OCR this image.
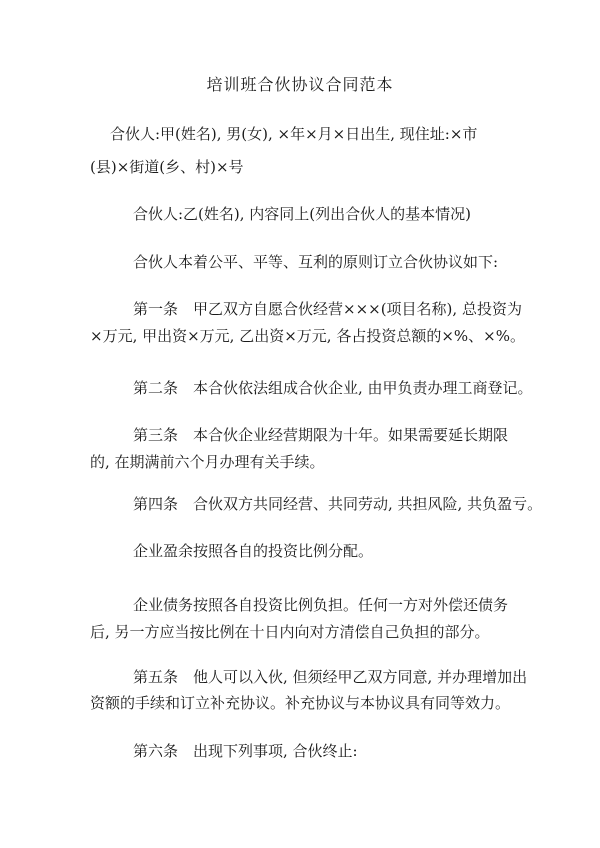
培训班合伙协议合同范本
合伙人:甲(姓名), 男(女), ×年×月×日出生, 现住址:×市
(县)×街道(乡、村)×号
合伙人:乙(姓名), 内容同上(列出合伙人的基本情况)
合伙人本着公平、平等、互利的原则订立合伙协议如下:
第一条　甲乙双方自愿合伙经营×××(项目名称), 总投资为
×万元, 甲出资×万元, 乙出资×万元, 各占投资总额的×%、×%。
第二条　本合伙依法组成合伙企业, 由甲负责办理工商登记。
第三条　本合伙企业经营期限为十年。如果需要延长期限
的, 在期满前六个月办理有关手续。
第四条　合伙双方共同经营、共同劳动, 共担风险, 共负盈亏。
企业盈余按照各自的投资比例分配。
企业债务按照各自投资比例负担。任何一方对外偿还债务
后, 另一方应当按比例在十日内向对方清偿自己负担的部分。
第五条　他人可以入伙, 但须经甲乙双方同意, 并办理增加出
资额的手续和订立补充协议。补充协议与本协议具有同等效力。
第六条　出现下列事项, 合伙终止:
